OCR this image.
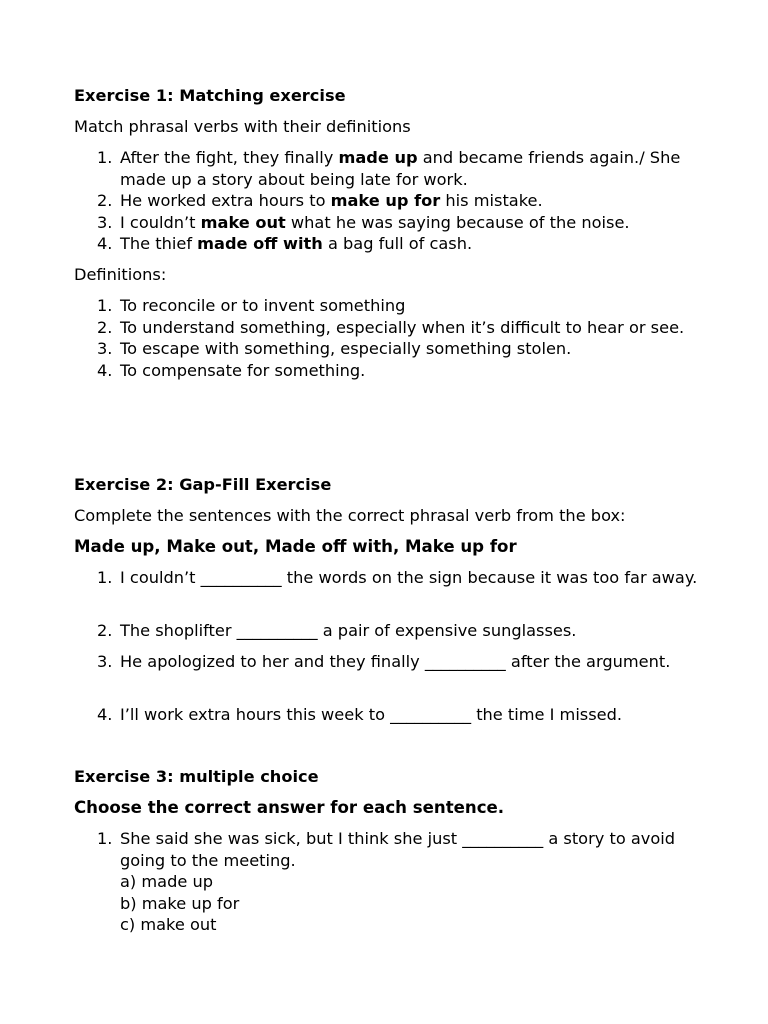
Exercise 1: Matching exercise

Match phrasal verbs with their definitions

1. After the fight, they finally made up and became friends again./ She made up a story about being late for work.
2. He worked extra hours to make up for his mistake.
3. I couldn’t make out what he was saying because of the noise.
4. The thief made off with a bag full of cash.

Definitions:

1. To reconcile or to invent something
2. To understand something, especially when it’s difficult to hear or see.
3. To escape with something, especially something stolen.
4. To compensate for something.

Exercise 2: Gap-Fill Exercise

Complete the sentences with the correct phrasal verb from the box:

Made up, Make out, Made off with, Make up for

1. I couldn’t __________ the words on the sign because it was too far away.
2. The shoplifter __________ a pair of expensive sunglasses.
3. He apologized to her and they finally __________ after the argument.
4. I’ll work extra hours this week to __________ the time I missed.

Exercise 3: multiple choice

Choose the correct answer for each sentence.

1. She said she was sick, but I think she just __________ a story to avoid going to the meeting.
a) made up
b) make up for
c) make out
